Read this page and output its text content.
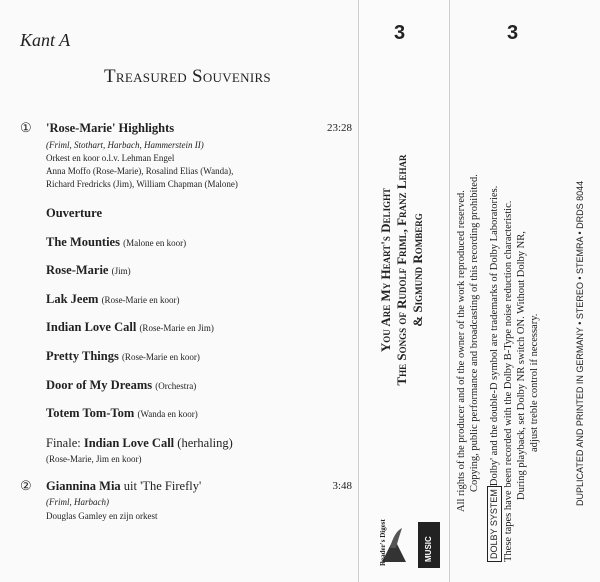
Kant A
Treasured Souvenirs
① 'Rose-Marie' Highlights	23:28
(Friml, Stothart, Harbach, Hammerstein II)
Orkest en koor o.l.v. Lehman Engel
Anna Moffo (Rose-Marie), Rosalind Elias (Wanda),
Richard Fredricks (Jim), William Chapman (Malone)
Ouverture
The Mounties (Malone en koor)
Rose-Marie (Jim)
Lak Jeem (Rose-Marie en koor)
Indian Love Call (Rose-Marie en Jim)
Pretty Things (Rose-Marie en koor)
Door of My Dreams (Orchestra)
Totem Tom-Tom (Wanda en koor)
Finale: Indian Love Call (herhaling)
(Rose-Marie, Jim en koor)
② Giannina Mia uit 'The Firefly'	3:48
(Friml, Harbach)
Douglas Gamley en zijn orkest
3
You Are My Heart's Delight The Songs of Rudolf Friml, Franz Lehar & Sigmund Romberg
Reader's Digest	MUSIC
3
All rights of the producer and of the owner of the work reproduced reserved. Copying, public performance and broadcasting of this recording prohibited.
DOLBY SYSTEMDolby' and the double-D symbol are trademarks of Dolby Laboratories. These tapes have been recorded with the Dolby B-Type noise reduction characteristic. During playback, set Dolby NR switch ON. Without Dolby NR, adjust treble control if necessary.	DUPLICATED AND PRINTED IN GERMANY • STEREO • STEMRA • DRDS 8044
